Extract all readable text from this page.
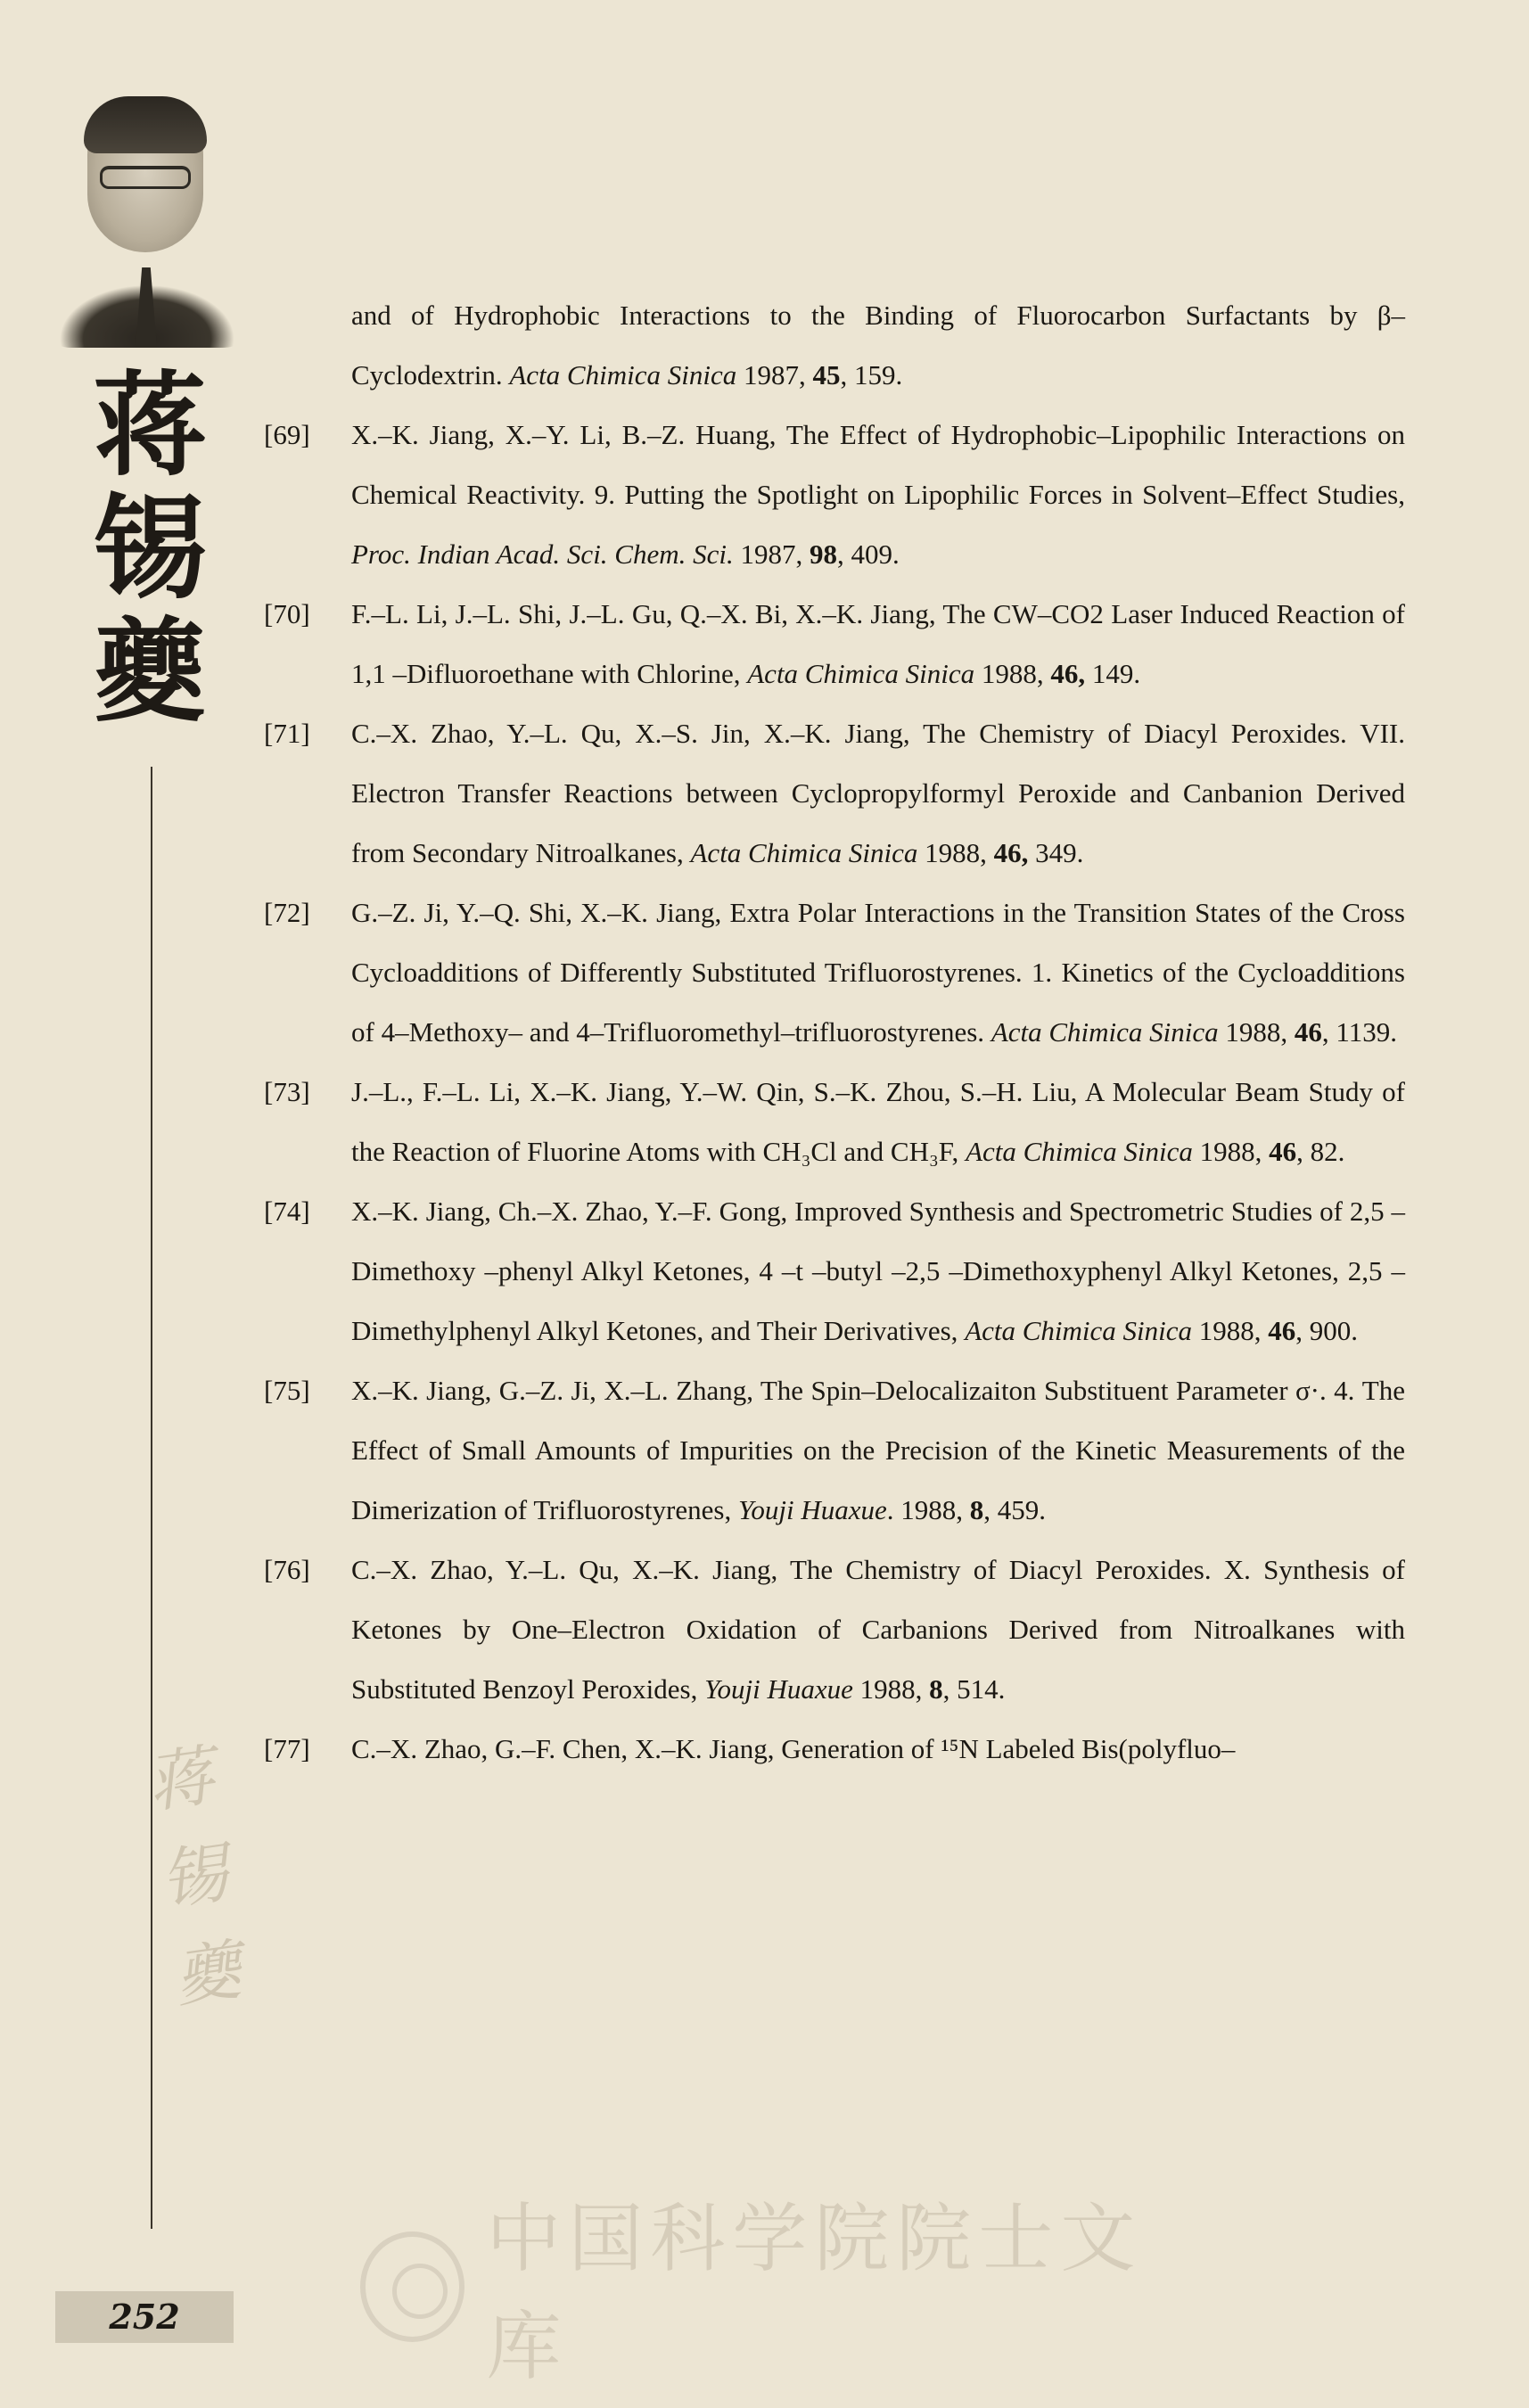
蒋
锡
夔
蒋锡夔
252
and of Hydrophobic Interactions to the Binding of Fluorocarbon Surfactants by β–Cyclodextrin. Acta Chimica Sinica 1987, 45, 159.
[69]	X.–K. Jiang, X.–Y. Li, B.–Z. Huang, The Effect of Hydrophobic–Lipophilic Interactions on Chemical Reactivity. 9. Putting the Spotlight on Lipophilic Forces in Solvent–Effect Studies, Proc. Indian Acad. Sci. Chem. Sci. 1987, 98, 409.
[70]	F.–L. Li, J.–L. Shi, J.–L. Gu, Q.–X. Bi, X.–K. Jiang, The CW–CO2 Laser Induced Reaction of 1,1 –Difluoroethane with Chlorine, Acta Chimica Sinica 1988, 46, 149.
[71]	C.–X. Zhao, Y.–L. Qu, X.–S. Jin, X.–K. Jiang, The Chemistry of Diacyl Peroxides. VII. Electron Transfer Reactions between Cyclopropylformyl Peroxide and Canbanion Derived from Secondary Nitroalkanes, Acta Chimica Sinica 1988, 46, 349.
[72]	G.–Z. Ji, Y.–Q. Shi, X.–K. Jiang, Extra Polar Interactions in the Transition States of the Cross Cycloadditions of Differently Substituted Trifluorostyrenes. 1. Kinetics of the Cycloadditions of 4–Methoxy– and 4–Trifluoromethyl–trifluorostyrenes. Acta Chimica Sinica 1988, 46, 1139.
[73]	J.–L., F.–L. Li, X.–K. Jiang, Y.–W. Qin, S.–K. Zhou, S.–H. Liu, A Molecular Beam Study of the Reaction of Fluorine Atoms with CH₃Cl and CH₃F, Acta Chimica Sinica 1988, 46, 82.
[74]	X.–K. Jiang, Ch.–X. Zhao, Y.–F. Gong, Improved Synthesis and Spectrometric Studies of 2,5 –Dimethoxy –phenyl Alkyl Ketones, 4 –t –butyl –2,5 –Dimethoxyphenyl Alkyl Ketones, 2,5 –Dimethylphenyl Alkyl Ketones, and Their Derivatives, Acta Chimica Sinica 1988, 46, 900.
[75]	X.–K. Jiang, G.–Z. Ji, X.–L. Zhang, The Spin–Delocalizaiton Substituent Parameter σ·. 4. The Effect of Small Amounts of Impurities on the Precision of the Kinetic Measurements of the Dimerization of Trifluorostyrenes, Youji Huaxue. 1988, 8, 459.
[76]	C.–X. Zhao, Y.–L. Qu, X.–K. Jiang, The Chemistry of Diacyl Peroxides. X. Synthesis of Ketones by One–Electron Oxidation of Carbanions Derived from Nitroalkanes with Substituted Benzoyl Peroxides, Youji Huaxue 1988, 8, 514.
[77]	C.–X. Zhao, G.–F. Chen, X.–K. Jiang, Generation of ¹⁵N Labeled Bis(polyfluo–
中国科学院院士文库
